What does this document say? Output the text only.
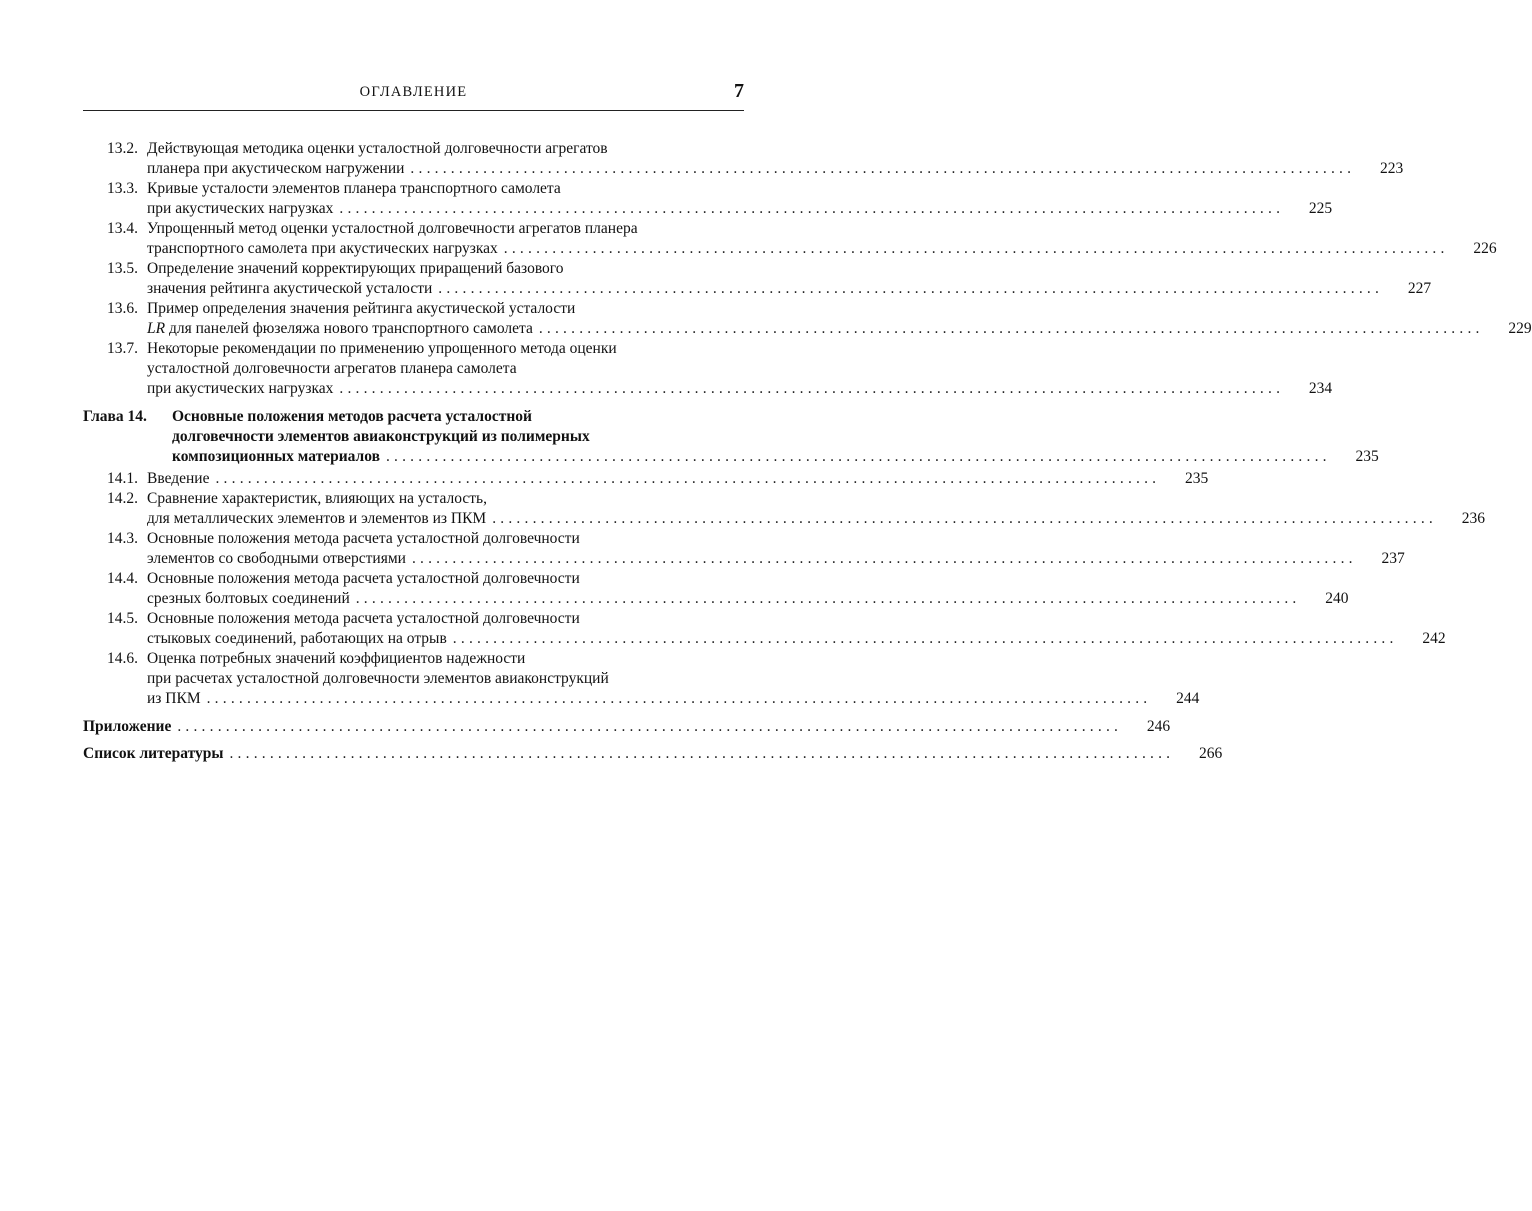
ОГЛАВЛЕНИЕ	7
13.2. Действующая методика оценки усталостной долговечности агрегатов
планера при акустическом нагружении .....................................................................................................................	223
13.3. Кривые усталости элементов планера транспортного самолета
при акустических нагрузках .....................................................................................................................	225
13.4. Упрощенный метод оценки усталостной долговечности агрегатов планера
транспортного самолета при акустических нагрузках .....................................................................................................................	226
13.5. Определение значений корректирующих приращений базового
значения рейтинга акустической усталости .....................................................................................................................	227
13.6. Пример определения значения рейтинга акустической усталости
LR для панелей фюзеляжа нового транспортного самолета .....................................................................................................................	229
13.7. Некоторые рекомендации по применению упрощенного метода оценки
усталостной долговечности агрегатов планера самолета
при акустических нагрузках .....................................................................................................................	234
Глава 14. Основные положения методов расчета усталостной
долговечности элементов авиаконструкций из полимерных
композиционных материалов .....................................................................................................................	235
14.1. Введение .....................................................................................................................	235
14.2. Сравнение характеристик, влияющих на усталость,
для металлических элементов и элементов из ПКМ .....................................................................................................................	236
14.3. Основные положения метода расчета усталостной долговечности
элементов со свободными отверстиями .....................................................................................................................	237
14.4. Основные положения метода расчета усталостной долговечности
срезных болтовых соединений .....................................................................................................................	240
14.5. Основные положения метода расчета усталостной долговечности
стыковых соединений, работающих на отрыв .....................................................................................................................	242
14.6. Оценка потребных значений коэффициентов надежности
при расчетах усталостной долговечности элементов авиаконструкций
из ПКМ .....................................................................................................................	244
Приложение .....................................................................................................................	246
Список литературы .....................................................................................................................	266
